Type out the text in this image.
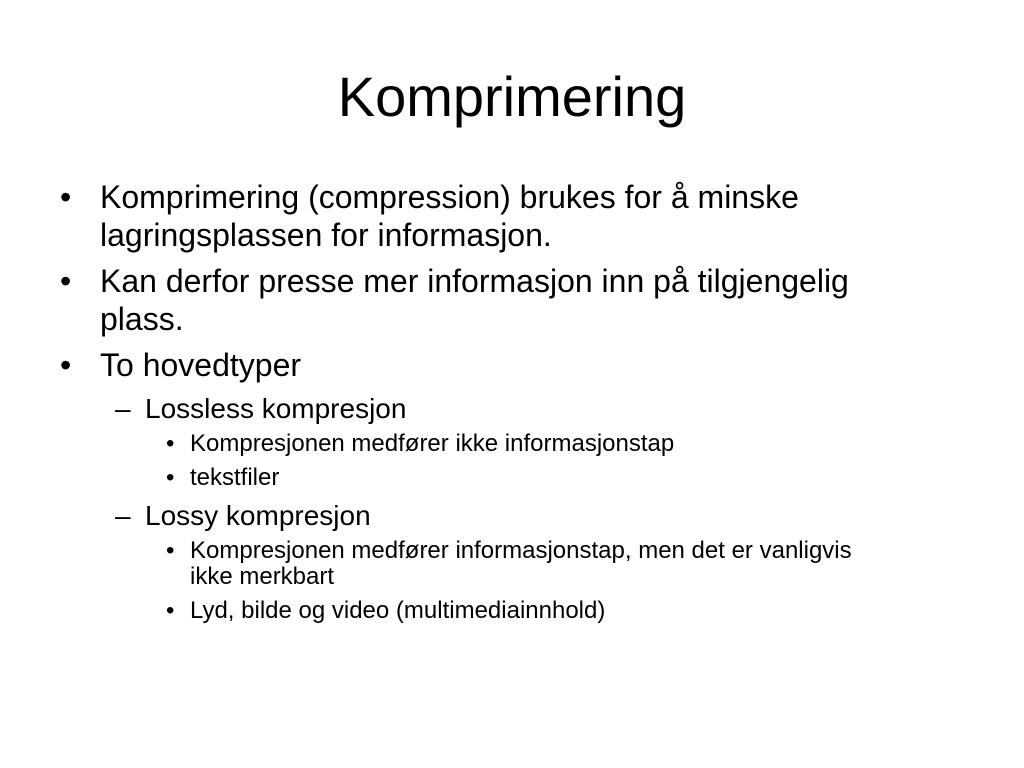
Komprimering
• Komprimering (compression) brukes for å minske lagringsplassen for informasjon.
• Kan derfor presse mer informasjon inn på tilgjengelig plass.
• To hovedtyper
– Lossless kompresjon
• Kompresjonen medfører ikke informasjonstap
• tekstfiler
– Lossy kompresjon
• Kompresjonen medfører informasjonstap, men det er vanligvis ikke merkbart
• Lyd, bilde og video (multimediainnhold)
